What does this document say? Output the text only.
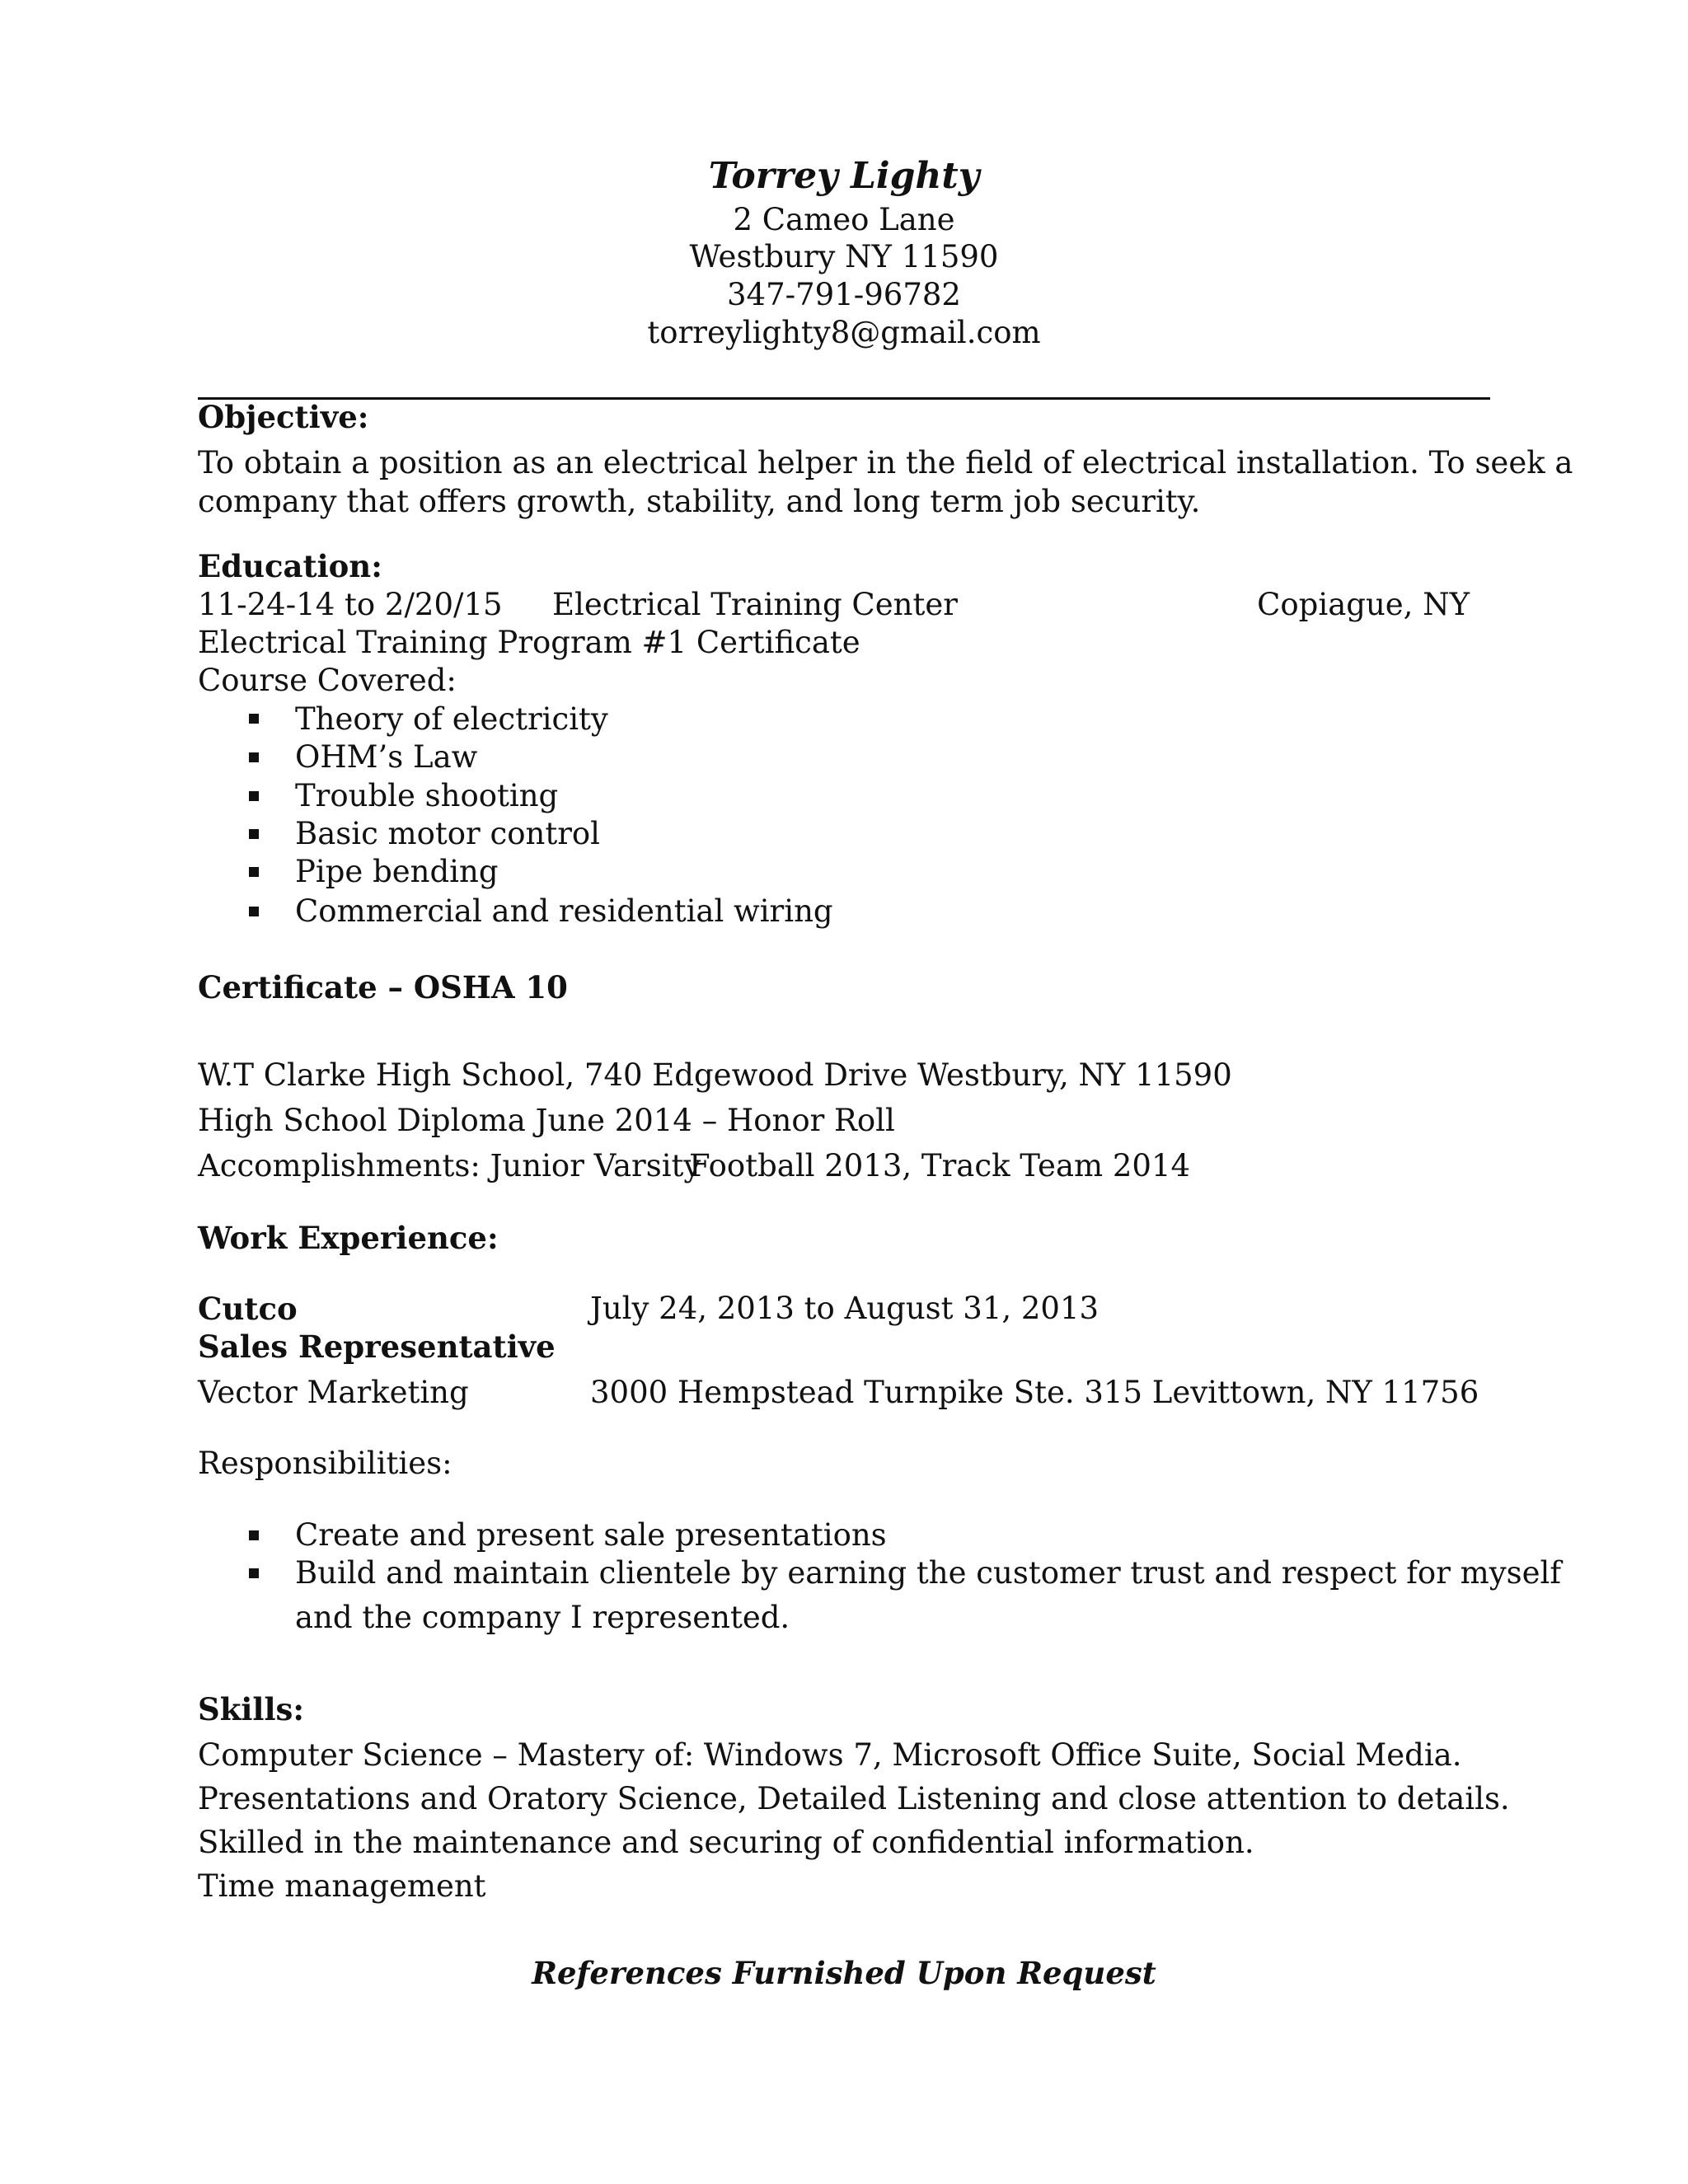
Torrey Lighty
2 Cameo Lane
Westbury NY 11590
347-791-96782
torreylighty8@gmail.com
Objective:
To obtain a position as an electrical helper in the field of electrical installation. To seek a
company that offers growth, stability, and long term job security.
Education:
11-24-14 to 2/20/15 Electrical Training Center	Copiague, NY
Electrical Training Program #1 Certificate
Course Covered:
Theory of electricity
OHM’s Law
Trouble shooting
Basic motor control
Pipe bending
Commercial and residential wiring
Certificate – OSHA 10
W.T Clarke High School, 740 Edgewood Drive Westbury, NY 11590
High School Diploma June 2014 – Honor Roll
Accomplishments: Junior Varsity
Football 2013, Track Team 2014
Work Experience:
Cutco	July 24, 2013 to August 31, 2013
Sales Representative
Vector Marketing	3000 Hempstead Turnpike Ste. 315 Levittown, NY 11756
Responsibilities:
Create and present sale presentations
Build and maintain clientele by earning the customer trust and respect for myself
and the company I represented.
Skills:
Computer Science – Mastery of: Windows 7, Microsoft Office Suite, Social Media.
Presentations and Oratory Science, Detailed Listening and close attention to details.
Skilled in the maintenance and securing of confidential information.
Time management
References Furnished Upon Request
